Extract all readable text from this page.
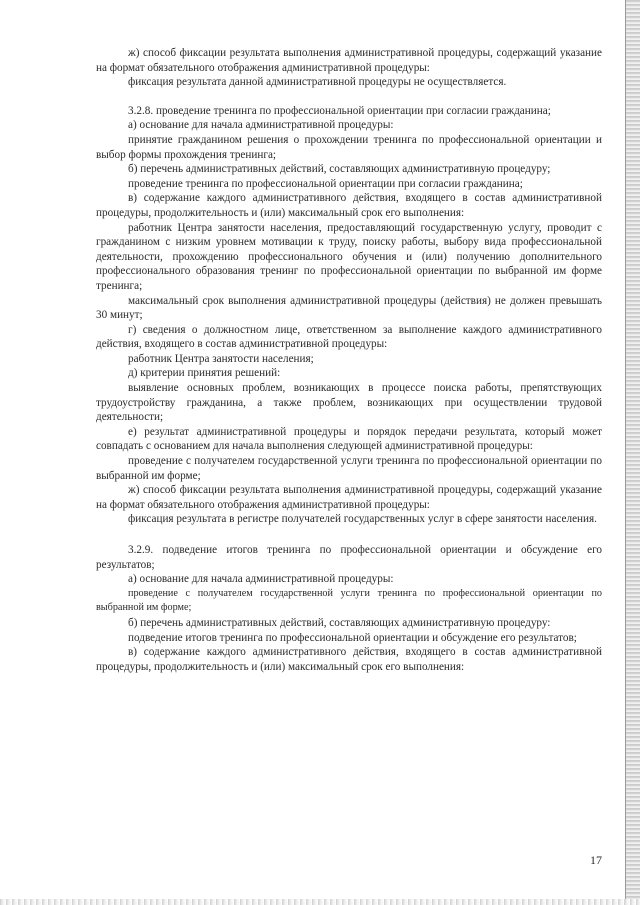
ж) способ фиксации результата выполнения административной процедуры, содержащий указание на формат обязательного отображения административной процедуры:

фиксация результата данной административной процедуры не осуществляется.

3.2.8. проведение тренинга по профессиональной ориентации при согласии гражданина;

а) основание для начала административной процедуры:

принятие гражданином решения о прохождении тренинга по профессиональной ориентации и выбор формы прохождения тренинга;

б) перечень административных действий, составляющих административную процедуру;

проведение тренинга по профессиональной ориентации при согласии гражданина;

в) содержание каждого административного действия, входящего в состав административной процедуры, продолжительность и (или) максимальный срок его выполнения:

работник Центра занятости населения, предоставляющий государственную услугу, проводит с гражданином с низким уровнем мотивации к труду, поиску работы, выбору вида профессиональной деятельности, прохождению профессионального обучения и (или) получению дополнительного профессионального образования тренинг по профессиональной ориентации по выбранной им форме тренинга;

максимальный срок выполнения административной процедуры (действия) не должен превышать 30 минут;

г) сведения о должностном лице, ответственном за выполнение каждого административного действия, входящего в состав административной процедуры:

работник Центра занятости населения;

д) критерии принятия решений:

выявление основных проблем, возникающих в процессе поиска работы, препятствующих трудоустройству гражданина, а также проблем, возникающих при осуществлении трудовой деятельности;

е) результат административной процедуры и порядок передачи результата, который может совпадать с основанием для начала выполнения следующей административной процедуры:

проведение с получателем государственной услуги тренинга по профессиональной ориентации по выбранной им форме;

ж) способ фиксации результата выполнения административной процедуры, содержащий указание на формат обязательного отображения административной процедуры:

фиксация результата в регистре получателей государственных услуг в сфере занятости населения.

3.2.9. подведение итогов тренинга по профессиональной ориентации и обсуждение его результатов;

а) основание для начала административной процедуры:

проведение с получателем государственной услуги тренинга по профессиональной ориентации по выбранной им форме;

б) перечень административных действий, составляющих административную процедуру:

подведение итогов тренинга по профессиональной ориентации и обсуждение его результатов;

в) содержание каждого административного действия, входящего в состав административной процедуры, продолжительность и (или) максимальный срок его выполнения:

17
